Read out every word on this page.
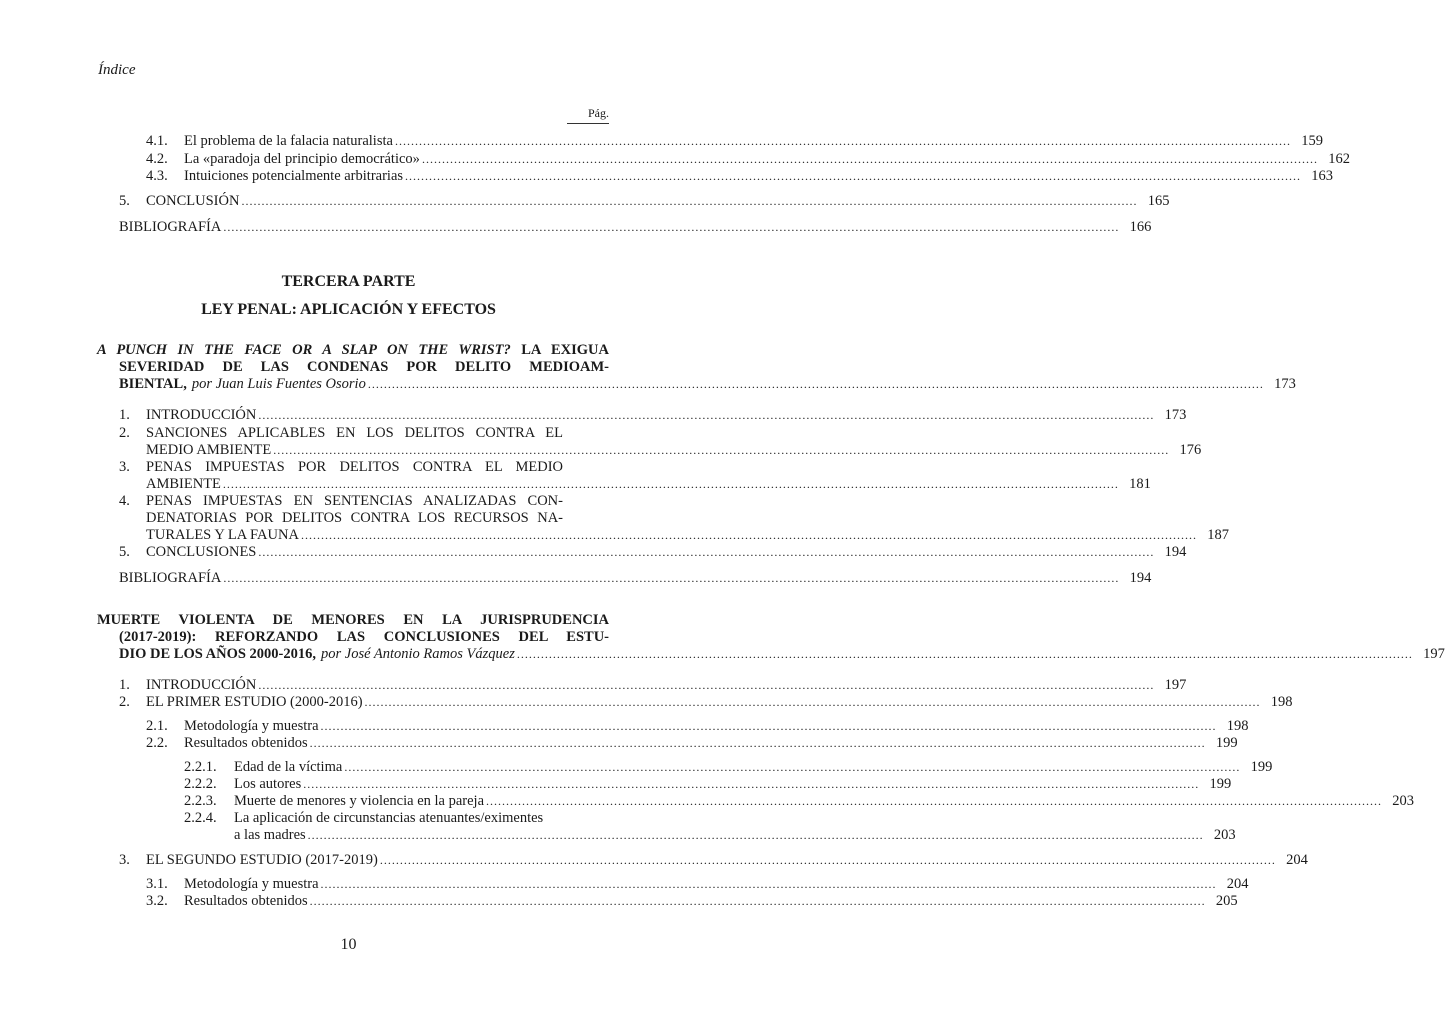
Índice
Pág.
4.1.	El problema de la falacia naturalista .....	159
4.2.	La «paradoja del principio democrático» .....	162
4.3.	Intuiciones potencialmente arbitrarias .....	163
5.	CONCLUSIÓN .....	165
BIBLIOGRAFÍA .....	166
TERCERA PARTE
LEY PENAL: APLICACIÓN Y EFECTOS
A PUNCH IN THE FACE OR A SLAP ON THE WRIST? LA EXIGUA
SEVERIDAD DE LAS CONDENAS POR DELITO MEDIOAM-
BIENTAL, por Juan Luis Fuentes Osorio .....	173
1.	INTRODUCCIÓN .....	173
2.	SANCIONES APLICABLES EN LOS DELITOS CONTRA EL
MEDIO AMBIENTE .....	176
3.	PENAS IMPUESTAS POR DELITOS CONTRA EL MEDIO
AMBIENTE .....	181
4.	PENAS IMPUESTAS EN SENTENCIAS ANALIZADAS CON-
DENATORIAS POR DELITOS CONTRA LOS RECURSOS NA-
TURALES Y LA FAUNA .....	187
5.	CONCLUSIONES .....	194
BIBLIOGRAFÍA .....	194
MUERTE VIOLENTA DE MENORES EN LA JURISPRUDENCIA
(2017-2019): REFORZANDO LAS CONCLUSIONES DEL ESTU-
DIO DE LOS AÑOS 2000-2016, por José Antonio Ramos Vázquez .....	197
1.	INTRODUCCIÓN .....	197
2.	EL PRIMER ESTUDIO (2000-2016) .....	198
2.1.	Metodología y muestra .....	198
2.2.	Resultados obtenidos .....	199
2.2.1.	Edad de la víctima .....	199
2.2.2.	Los autores .....	199
2.2.3.	Muerte de menores y violencia en la pareja .....	203
2.2.4.	La aplicación de circunstancias atenuantes/eximentes
a las madres .....	203
3.	EL SEGUNDO ESTUDIO (2017-2019) .....	204
3.1.	Metodología y muestra .....	204
3.2.	Resultados obtenidos .....	205
10
